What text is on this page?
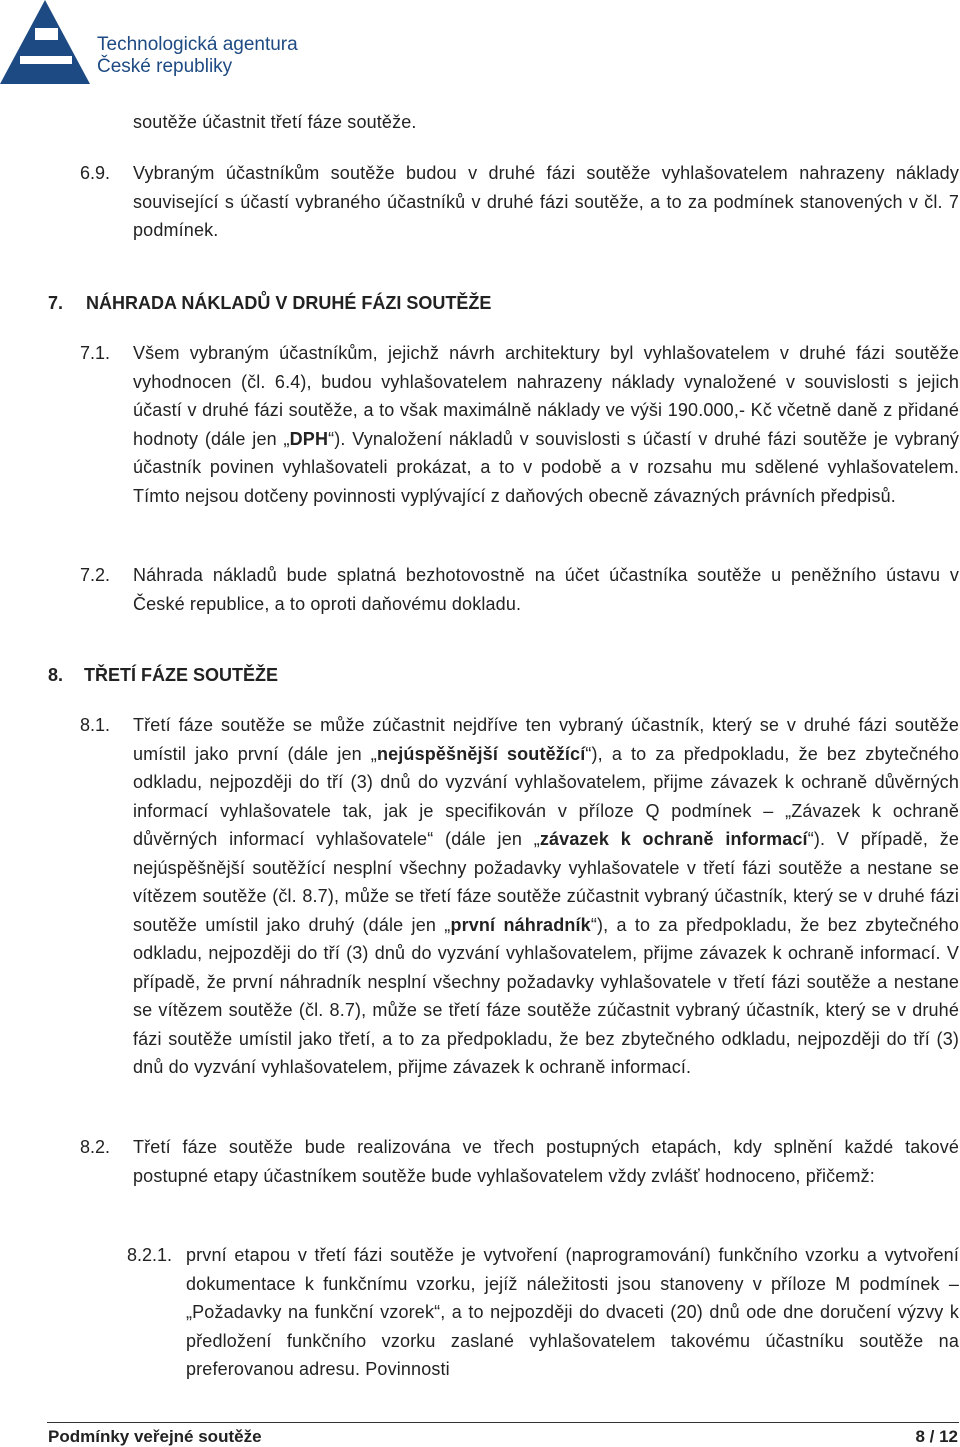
Technologická agentura
České republiky
soutěže účastnit třetí fáze soutěže.
6.9. Vybraným účastníkům soutěže budou v druhé fázi soutěže vyhlašovatelem nahrazeny náklady související s účastí vybraného účastníků v druhé fázi soutěže, a to za podmínek stanovených v čl. 7 podmínek.
7. NÁHRADA NÁKLADŮ V DRUHÉ FÁZI SOUTĚŽE
7.1. Všem vybraným účastníkům, jejichž návrh architektury byl vyhlašovatelem v druhé fázi soutěže vyhodnocen (čl. 6.4), budou vyhlašovatelem nahrazeny náklady vynaložené v souvislosti s jejich účastí v druhé fázi soutěže, a to však maximálně náklady ve výši 190.000,- Kč včetně daně z přidané hodnoty (dále jen „DPH“). Vynaložení nákladů v souvislosti s účastí v druhé fázi soutěže je vybraný účastník povinen vyhlašovateli prokázat, a to v podobě a v rozsahu mu sdělené vyhlašovatelem. Tímto nejsou dotčeny povinnosti vyplývající z daňových obecně závazných právních předpisů.
7.2. Náhrada nákladů bude splatná bezhotovostně na účet účastníka soutěže u peněžního ústavu v České republice, a to oproti daňovému dokladu.
8. TŘETÍ FÁZE SOUTĚŽE
8.1. Třetí fáze soutěže se může zúčastnit nejdříve ten vybraný účastník, který se v druhé fázi soutěže umístil jako první (dále jen „nejúspěšnější soutěžící“), a to za předpokladu, že bez zbytečného odkladu, nejpozději do tří (3) dnů do vyzvání vyhlašovatelem, přijme závazek k ochraně důvěrných informací vyhlašovatele tak, jak je specifikován v příloze Q podmínek – „Závazek k ochraně důvěrných informací vyhlašovatele“ (dále jen „závazek k ochraně informací“). V případě, že nejúspěšnější soutěžící nesplní všechny požadavky vyhlašovatele v třetí fázi soutěže a nestane se vítězem soutěže (čl. 8.7), může se třetí fáze soutěže zúčastnit vybraný účastník, který se v druhé fázi soutěže umístil jako druhý (dále jen „první náhradník“), a to za předpokladu, že bez zbytečného odkladu, nejpozději do tří (3) dnů do vyzvání vyhlašovatelem, přijme závazek k ochraně informací. V případě, že první náhradník nesplní všechny požadavky vyhlašovatele v třetí fázi soutěže a nestane se vítězem soutěže (čl. 8.7), může se třetí fáze soutěže zúčastnit vybraný účastník, který se v druhé fázi soutěže umístil jako třetí, a to za předpokladu, že bez zbytečného odkladu, nejpozději do tří (3) dnů do vyzvání vyhlašovatelem, přijme závazek k ochraně informací.
8.2. Třetí fáze soutěže bude realizována ve třech postupných etapách, kdy splnění každé takové postupné etapy účastníkem soutěže bude vyhlašovatelem vždy zvlášť hodnoceno, přičemž:
8.2.1. první etapou v třetí fázi soutěže je vytvoření (naprogramování) funkčního vzorku a vytvoření dokumentace k funkčnímu vzorku, jejíž náležitosti jsou stanoveny v příloze M podmínek – „Požadavky na funkční vzorek“, a to nejpozději do dvaceti (20) dnů ode dne doručení výzvy k předložení funkčního vzorku zaslané vyhlašovatelem takovému účastníku soutěže na preferovanou adresu. Povinnosti
Podmínky veřejné soutěže	8 / 12
